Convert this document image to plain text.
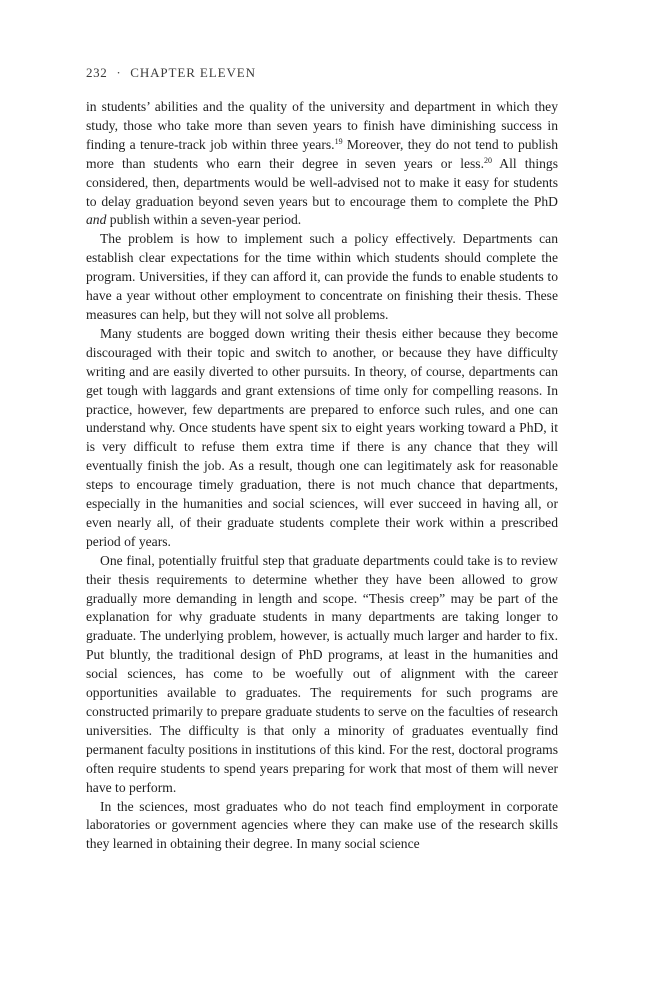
232 · CHAPTER ELEVEN

in students’ abilities and the quality of the university and department in which they study, those who take more than seven years to finish have diminishing success in finding a tenure-track job within three years.$^{19}$ Moreover, they do not tend to publish more than students who earn their degree in seven years or less.$^{20}$ All things considered, then, departments would be well-advised not to make it easy for students to delay graduation beyond seven years but to encourage them to complete the PhD and publish within a seven-year period.

The problem is how to implement such a policy effectively. Departments can establish clear expectations for the time within which students should complete the program. Universities, if they can afford it, can provide the funds to enable students to have a year without other employment to concentrate on finishing their thesis. These measures can help, but they will not solve all problems.

Many students are bogged down writing their thesis either because they become discouraged with their topic and switch to another, or because they have difficulty writing and are easily diverted to other pursuits. In theory, of course, departments can get tough with laggards and grant extensions of time only for compelling reasons. In practice, however, few departments are prepared to enforce such rules, and one can understand why. Once students have spent six to eight years working toward a PhD, it is very difficult to refuse them extra time if there is any chance that they will eventually finish the job. As a result, though one can legitimately ask for reasonable steps to encourage timely graduation, there is not much chance that departments, especially in the humanities and social sciences, will ever succeed in having all, or even nearly all, of their graduate students complete their work within a prescribed period of years.

One final, potentially fruitful step that graduate departments could take is to review their thesis requirements to determine whether they have been allowed to grow gradually more demanding in length and scope. “Thesis creep” may be part of the explanation for why graduate students in many departments are taking longer to graduate. The underlying problem, however, is actually much larger and harder to fix. Put bluntly, the traditional design of PhD programs, at least in the humanities and social sciences, has come to be woefully out of alignment with the career opportunities available to graduates. The requirements for such programs are constructed primarily to prepare graduate students to serve on the faculties of research universities. The difficulty is that only a minority of graduates eventually find permanent faculty positions in institutions of this kind. For the rest, doctoral programs often require students to spend years preparing for work that most of them will never have to perform.

In the sciences, most graduates who do not teach find employment in corporate laboratories or government agencies where they can make use of the research skills they learned in obtaining their degree. In many social science
